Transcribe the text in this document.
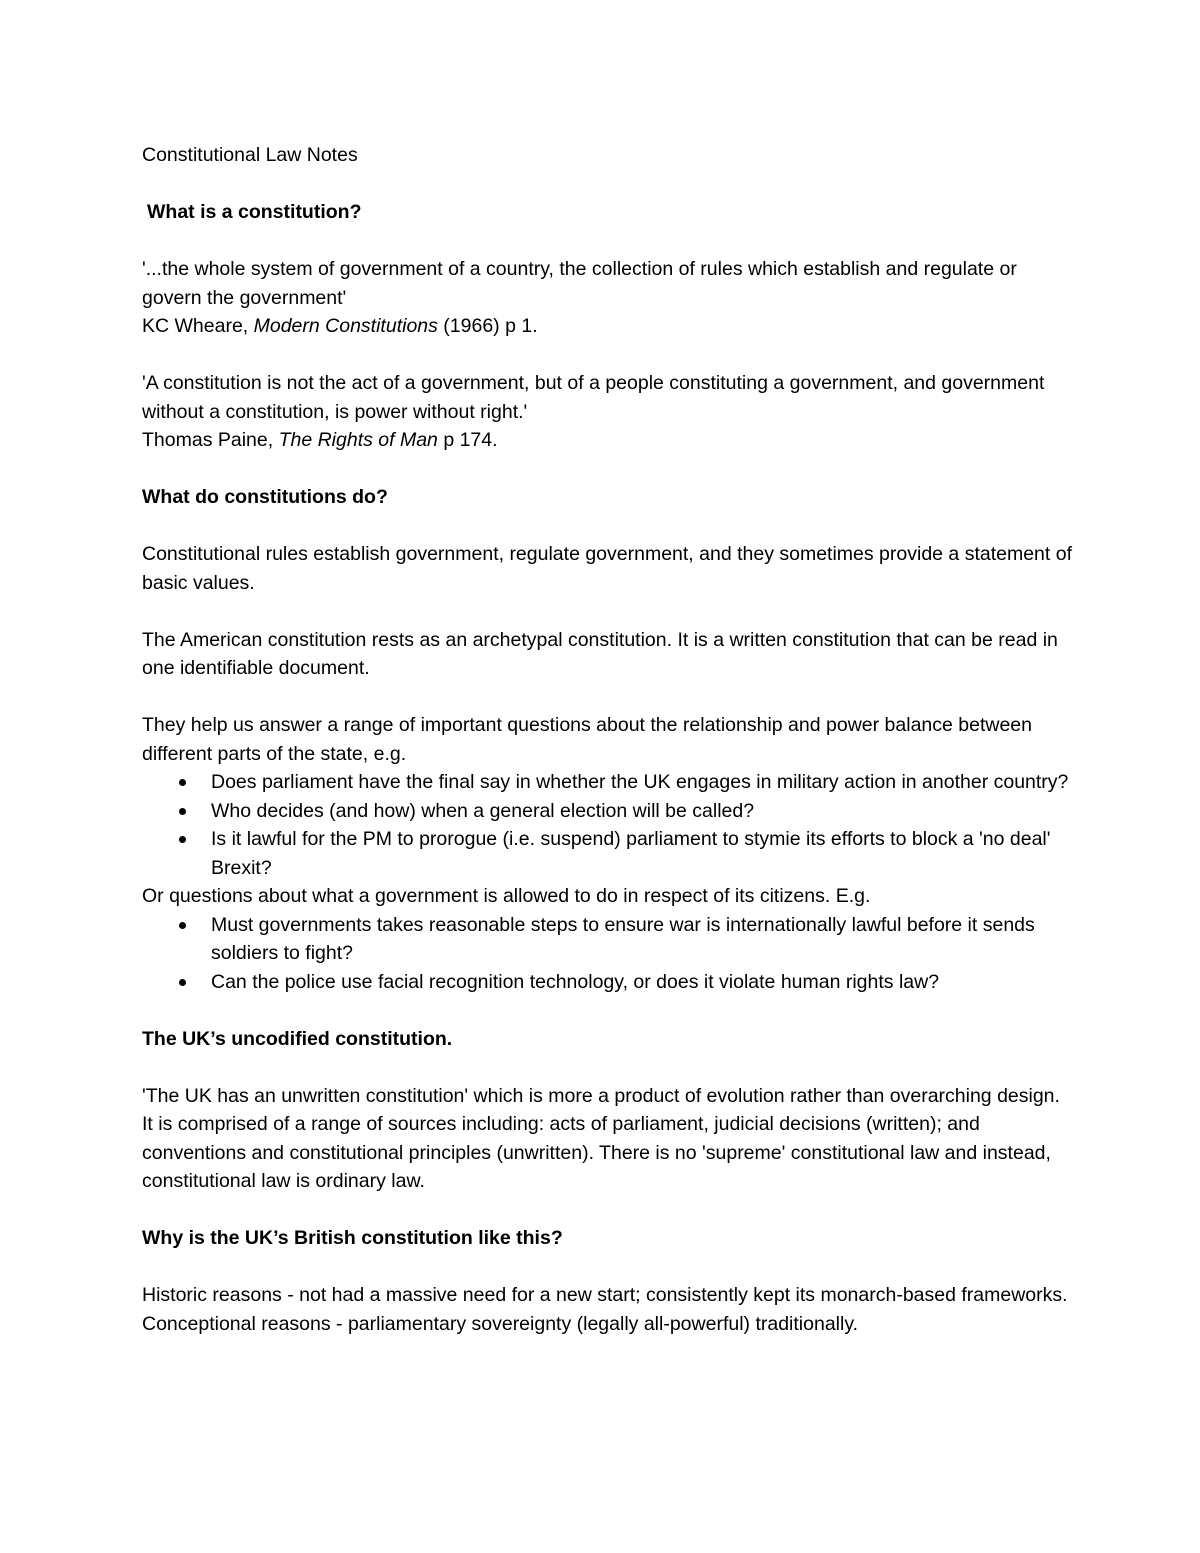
Constitutional Law Notes

What is a constitution?

'...the whole system of government of a country, the collection of rules which establish and regulate or govern the government'

KC Wheare, Modern Constitutions (1966) p 1.

'A constitution is not the act of a government, but of a people constituting a government, and government without a constitution, is power without right.'

Thomas Paine, The Rights of Man p 174.

What do constitutions do?

Constitutional rules establish government, regulate government, and they sometimes provide a statement of basic values.

The American constitution rests as an archetypal constitution. It is a written constitution that can be read in one identifiable document.

They help us answer a range of important questions about the relationship and power balance between different parts of the state, e.g.

Does parliament have the final say in whether the UK engages in military action in another country?
Who decides (and how) when a general election will be called?
Is it lawful for the PM to prorogue (i.e. suspend) parliament to stymie its efforts to block a 'no deal' Brexit?

Or questions about what a government is allowed to do in respect of its citizens. E.g.

Must governments takes reasonable steps to ensure war is internationally lawful before it sends soldiers to fight?
Can the police use facial recognition technology, or does it violate human rights law?
The UK’s uncodified constitution.

'The UK has an unwritten constitution' which is more a product of evolution rather than overarching design. It is comprised of a range of sources including: acts of parliament, judicial decisions (written); and conventions and constitutional principles (unwritten). There is no 'supreme' constitutional law and instead, constitutional law is ordinary law.

Why is the UK’s British constitution like this?

Historic reasons - not had a massive need for a new start; consistently kept its monarch-based frameworks.

Conceptional reasons - parliamentary sovereignty (legally all-powerful) traditionally.
